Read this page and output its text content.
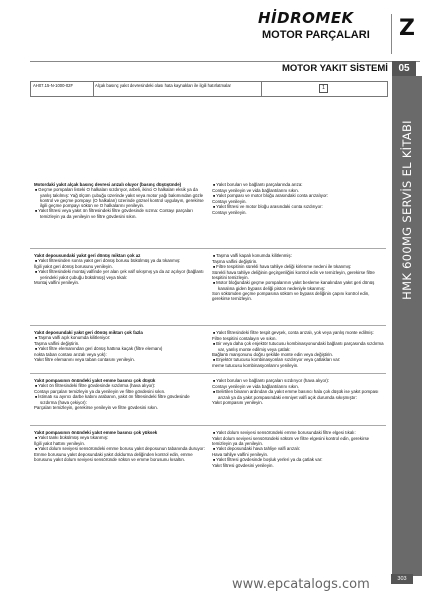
HİDROMEK
MOTOR PARÇALARI Z
MOTOR YAKIT SİSTEMİ	05
HMK 600MG SERVİS EL KİTABI
AH07.15-N-1000-02F	Alçak basınç yakıt devresindeki olası hata kaynakları ile ilgili hatırlatmalar	1

Motordaki yakıt alçak basınç devresi arızalı oluyor (basınç düşüşünde)

■ Geçme pompaları listeki O halkaları sızdırıyor, arbeli, ikinci O halkaları eksik ya da yanlış takılmış: Yağ ölçüm çubuğu üzerinde yakıt veya motor yağı bakımından gözle kontrol ve geçme pompayı (O halkaları) üzerinde gözsel kontrol uygulayın, gerekirse ilgili geçme pompayı sökün ve O halkalarını yenileyin.

■ Yakıt filtresi veya yakıt ön filtresindeki filtre gövdesinde sızma: Contayı parçaları temizleyin ya da yenileyin ve filtre gövdesini sıkın.

Yakıt depousundaki yakıt geri dönüş miktarı çok az

■ Yakıt filtresinden sonra yakıt geri dönüş borusu bükülmüş ya da tıkanmış:

İlgili yakıt geri dönüş borusunu yenileyin.

■ Yakıt filtresindeki montaj valfinde yer alan çek valf sıkışmış ya da az açılıyor (bağlantı yerindeki yakıt çubuğu bükülmüş) veya tıkalı:

Montaj valfini yenileyin.

Yakıt deposundaki yakıt geri dönüş miktarı çok fazla

■ Taşma valfi açık konumda kilitleniyor:

Taşma valfini değiştirin.

■ Yakıt filtre elemanından geri dönüş hattına kaçak (filtre elemanı)

nokta taban contası arızalı veya yok):

Yakıt filtre elemanını veya taban contasını yenileyin.

Yakıt pompasının önündeki yakıt emme basıncı çok düşük

■ Yakıt ön filtresindeki filtre gövdesinde sızdırma (hava alıyor):

Contayı parçaları temizleyin ya da yenileyin ve filtre gövdesini sıkın.

■ İstimatı su ayırıcı darbe kabını arabanın, yakıt ön filtresindeki filtre gövdesinde sızdırma (hava çekiyor):

Parçaları temizleyin, gerekirse yenileyin ve filtre gövdesini sıkın.

Yakıt pompasının önündeki yakıt emme basıncı çok yüksek

■ Yakıt tankı bükülmüş veya tıkanmış:

İlgili yakıt hattını yenileyin.

■ Yakıt dolum seviyesi sensöründeki emme borusu yakıt deposunun tabanında duruyor:

Emme borusunu yakıt deposundaki yakıt doldurma deliğinden kontrol edin, emme borusunu yakıt dolum seviyesi sensöründe sökün ve emme borusunu kısaltın.

■ Yakıt boruları ve bağlantı parçalarında arıza:

Contayı yenileyin ve vida bağlantılarını sıkın.

■ Yakıt pompası ve motor bloğu arasındaki conta arızalıyor:

Contayı yenileyin.

■ Yakıt filtresi ve motor bloğu arasındaki conta sızdırıyor:

Contayı yenileyin.

■ Taşma valfi kapalı konumda kilitlenmiş:

Taşma valfini değiştirin.

■ Filtre tespitinin sürekli hava tahliye deliği kirlenme nedeni ile tıkanmış:

Sürekli hava tahliye deliğinin geçirgenliğini kontrol edin ve temizleyin, gerekirse filtre tespitini temizleyin.

■ Motor bloğundaki geçme pompalarının yakıt besleme kanalından yakıt geri dönüş kanalına giden bypass deliği piston nedeniyle tıkanmış:

Son sökümden geçme pompasına söküm ve bypass deliğinin çapını kontrol edin, gerekirse temizleyin.

■ Yakıt filtresindeki filtre tespit gevşek, conta arızalı, yok veya yanlış monte edilmiş:

Filtre tespitini contalayın ve sıkın.

■ Bir veya daha çok enjektör tutucusu kombinasyonundaki bağlantı parçasında sızdırma var, yanlış monte edilmiş veya çatlak:

Bağlantı manşonunu doğru şekilde monte edin veya değiştirin.

■ Enjektör tutucusu kombinasyonları sızdırıyor veya çatlakları var:

meme tutucusu kombinasyonlarını yenileyin.

■ Yakıt boruları ve bağlantı parçaları sızdırıyor (hava alıyor):

Contayı yenileyin ve vida bağlantılarını sıkın.

■ Belirtilen binanın ardından da yakıt emme basıncı hala çok düşük ise yakıt pompası arızalı ya da yakıt pompasındaki emniyet valfi açık durumda sıkışmıştır:

Yakıt pompasını yenileyin.

■ Yakıt dolum seviyesi sensöründeki emme borusundaki filtre elgesi tıkalı:

Yakıt dolum seviyesi sensöründeki söküm ve filtre elgesini kontrol edin, gerekirse temizleyin ya da yenileyin.

■ Yakıt deposundaki hava tahliye valfi arızalı:

Hava tahliye valfini yenileyin.

■ Yakıt filtresi gövdesinde boşluk yerleri ya da çatlak var:

Yakıt filtresi gövdesini yenileyin.

www.epcatalogs.com	303
